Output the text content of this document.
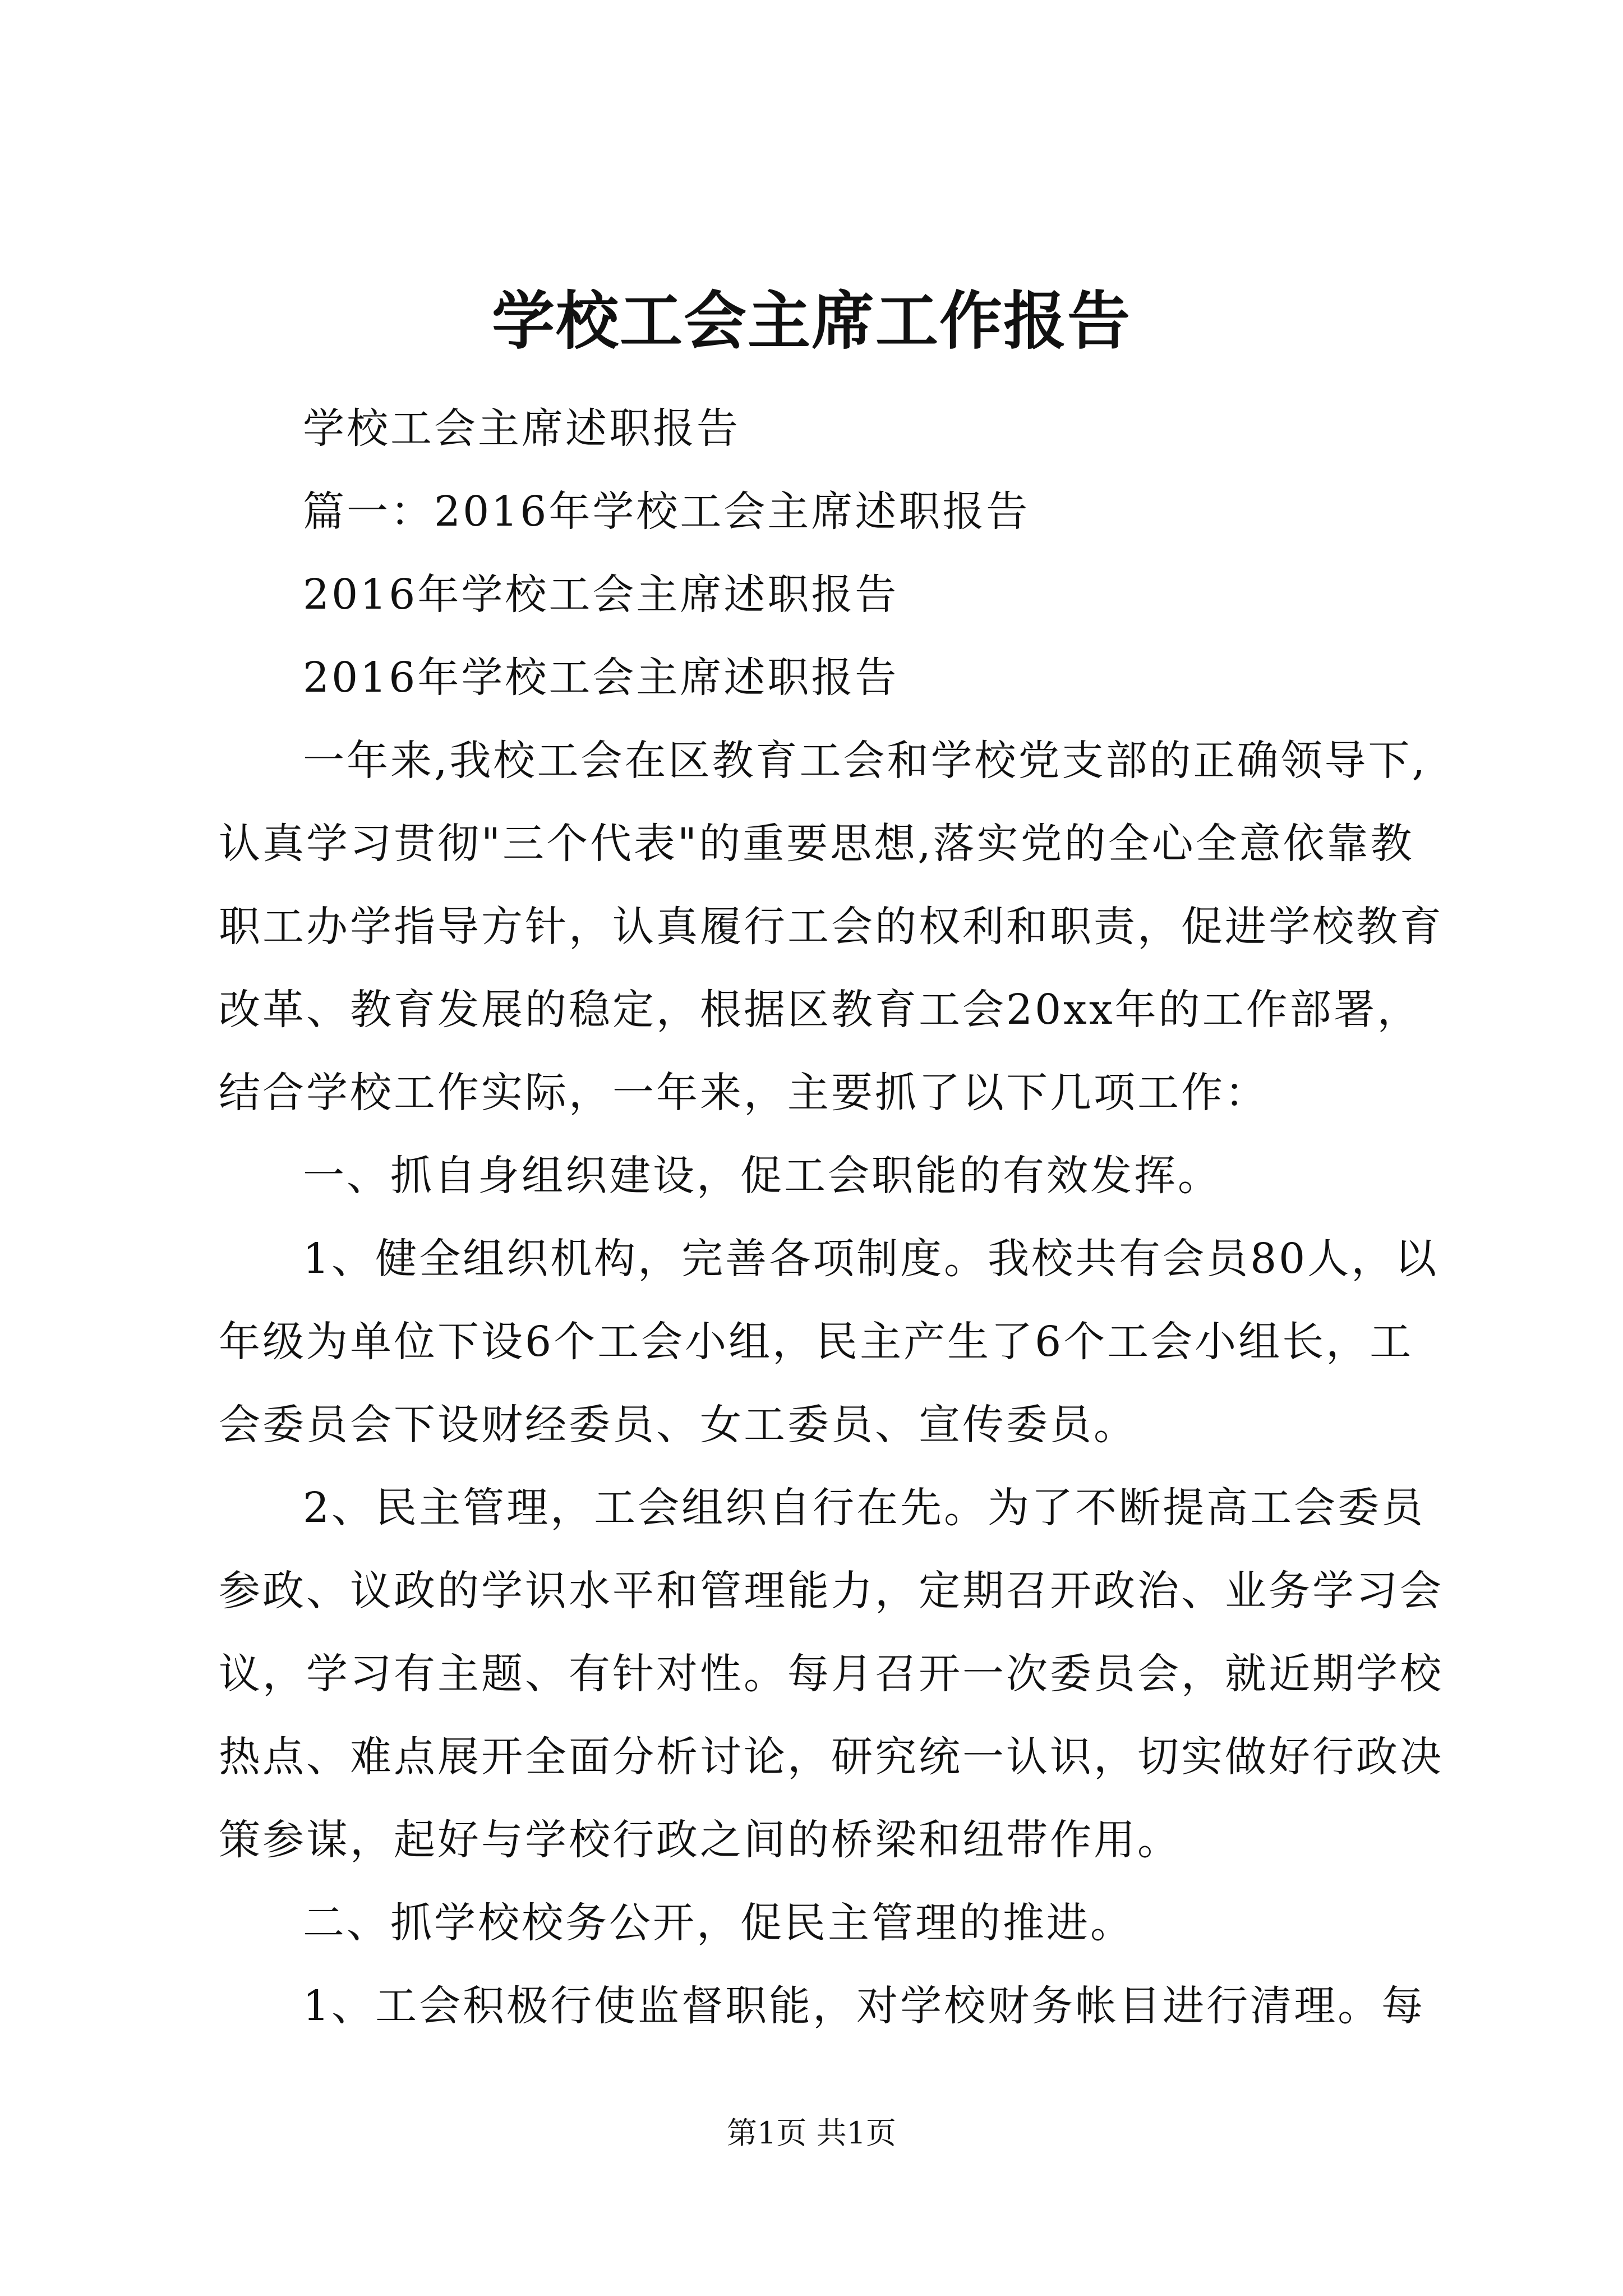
学校工会主席工作报告
学校工会主席述职报告
篇一：2016年学校工会主席述职报告
2016年学校工会主席述职报告
2016年学校工会主席述职报告
一年来,我校工会在区教育工会和学校党支部的正确领导下,
认真学习贯彻"三个代表"的重要思想,落实党的全心全意依靠教
职工办学指导方针，认真履行工会的权利和职责，促进学校教育
改革、教育发展的稳定，根据区教育工会20xx年的工作部署，
结合学校工作实际，一年来，主要抓了以下几项工作：
一、抓自身组织建设，促工会职能的有效发挥。
1、健全组织机构，完善各项制度。我校共有会员80人，以
年级为单位下设6个工会小组，民主产生了6个工会小组长，工
会委员会下设财经委员、女工委员、宣传委员。
2、民主管理，工会组织自行在先。为了不断提高工会委员
参政、议政的学识水平和管理能力，定期召开政治、业务学习会
议，学习有主题、有针对性。每月召开一次委员会，就近期学校
热点、难点展开全面分析讨论，研究统一认识，切实做好行政决
策参谋，起好与学校行政之间的桥梁和纽带作用。
二、抓学校校务公开，促民主管理的推进。
1、工会积极行使监督职能，对学校财务帐目进行清理。每
第1页 共1页
